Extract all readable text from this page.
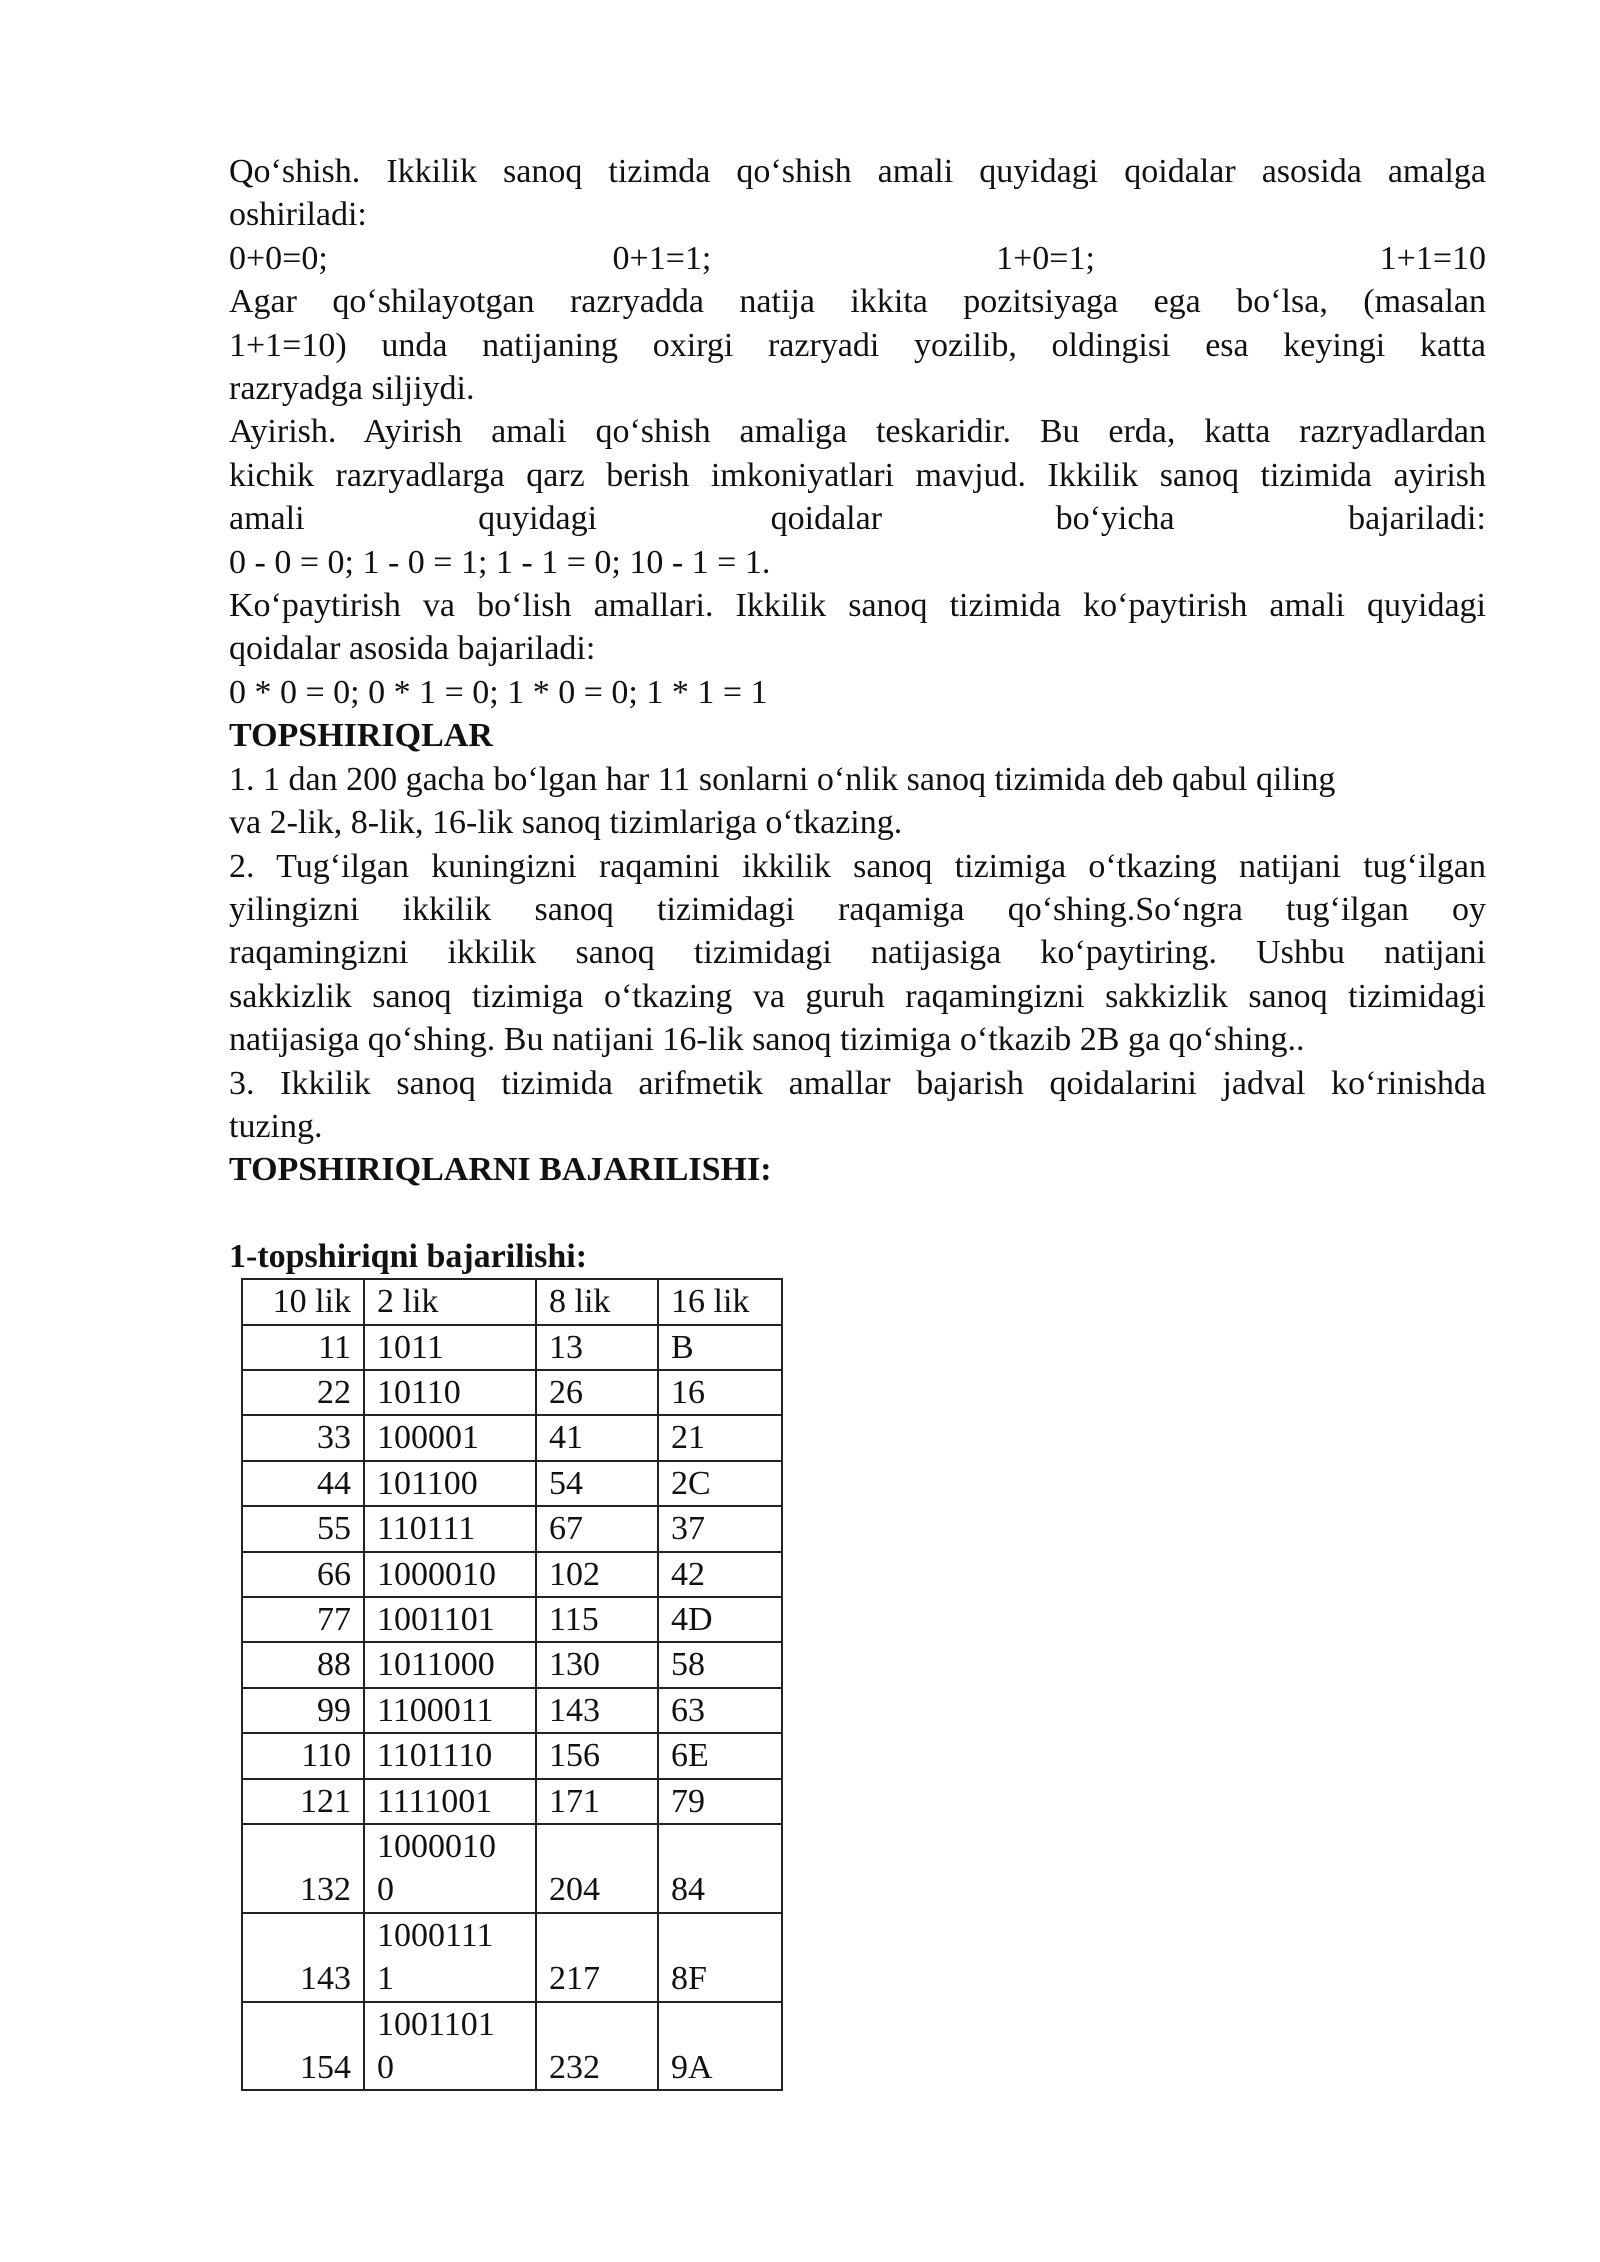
Qo‘shish. Ikkilik sanoq tizimda qo‘shish amali quyidagi qoidalar asosida amalga
oshiriladi:
0+0=0;	0+1=1;	1+0=1;	1+1=10
Agar qo‘shilayotgan razryadda natija ikkita pozitsiyaga ega bo‘lsa, (masalan
1+1=10) unda natijaning oxirgi razryadi yozilib, oldingisi esa keyingi katta
razryadga siljiydi.
Ayirish. Ayirish amali qo‘shish amaliga teskaridir. Bu erda, katta razryadlardan
kichik razryadlarga qarz berish imkoniyatlari mavjud. Ikkilik sanoq tizimida ayirish
amali	quyidagi	qoidalar	bo‘yicha	bajariladi:
0 - 0 = 0; 1 - 0 = 1; 1 - 1 = 0; 10 - 1 = 1.
Ko‘paytirish va bo‘lish amallari. Ikkilik sanoq tizimida ko‘paytirish amali quyidagi
qoidalar asosida bajariladi:
0 * 0 = 0; 0 * 1 = 0; 1 * 0 = 0; 1 * 1 = 1
TOPSHIRIQLAR
1. 1 dan 200 gacha bo‘lgan har 11 sonlarni o‘nlik sanoq tizimida deb qabul qiling
va 2-lik, 8-lik, 16-lik sanoq tizimlariga o‘tkazing.
2. Tug‘ilgan kuningizni raqamini ikkilik sanoq tizimiga o‘tkazing natijani tug‘ilgan
yilingizni ikkilik sanoq tizimidagi raqamiga qo‘shing.So‘ngra tug‘ilgan oy
raqamingizni ikkilik sanoq tizimidagi natijasiga ko‘paytiring. Ushbu natijani
sakkizlik sanoq tizimiga o‘tkazing va guruh raqamingizni sakkizlik sanoq tizimidagi
natijasiga qo‘shing. Bu natijani 16-lik sanoq tizimiga o‘tkazib 2B ga qo‘shing..
3. Ikkilik sanoq tizimida arifmetik amallar bajarish qoidalarini jadval ko‘rinishda
tuzing.
TOPSHIRIQLARNI BAJARILISHI:
1-topshiriqni bajarilishi:
10 lik	2 lik	8 lik	16 lik
11	1011	13	B
22	10110	26	16
33	100001	41	21
44	101100	54	2C
55	110111	67	37
66	1000010	102	42
77	1001101	115	4D
88	1011000	130	58
99	1100011	143	63
110	1101110	156	6E
121	1111001	171	79
132	10000100	204	84
143	10001111	217	8F
154	10011010	232	9A
